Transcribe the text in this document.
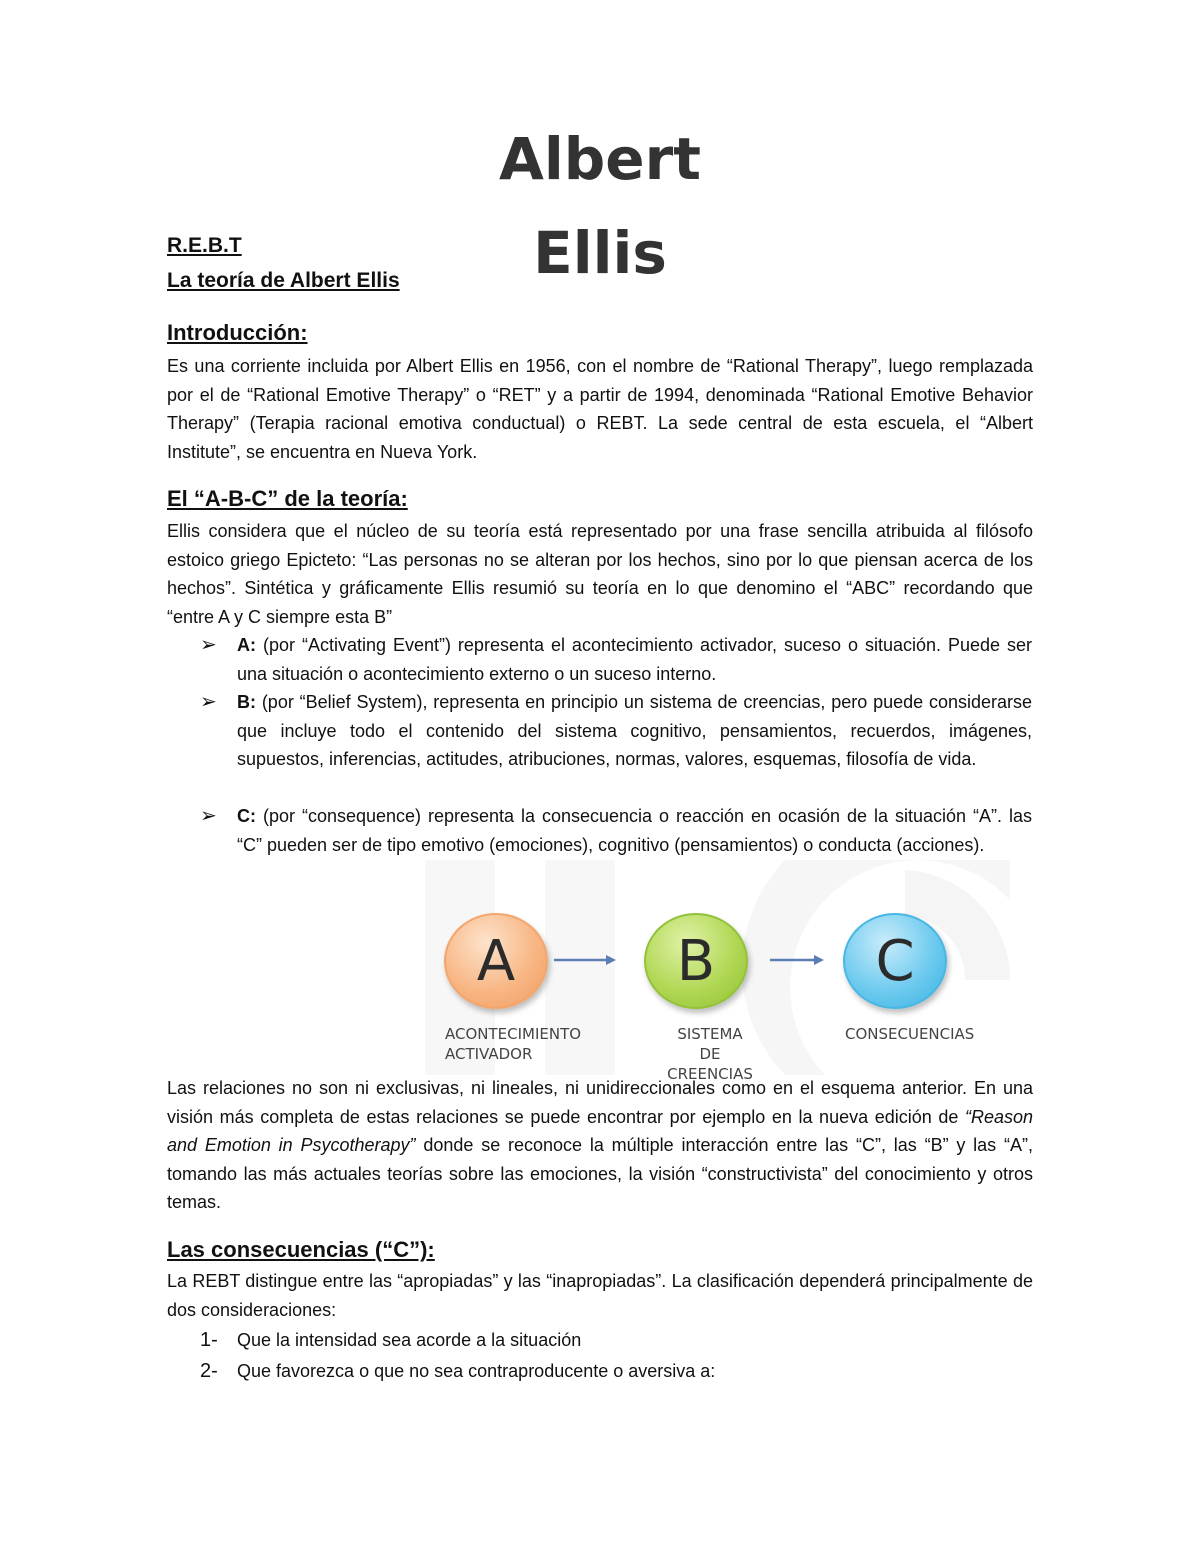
Albert
Ellis
R.E.B.T
La teoría de Albert Ellis
Introducción:
Es una corriente incluida por Albert Ellis en 1956, con el nombre de “Rational Therapy”, luego remplazada por el de “Rational Emotive Therapy” o “RET” y a partir de 1994, denominada “Rational Emotive Behavior Therapy” (Terapia racional emotiva conductual) o REBT. La sede central de esta escuela, el “Albert Institute”, se encuentra en Nueva York.
El “A-B-C” de la teoría:
Ellis considera que el núcleo de su teoría está representado por una frase sencilla atribuida al filósofo estoico griego Epicteto: “Las personas no se alteran por los hechos, sino por lo que piensan acerca de los hechos”. Sintética y gráficamente Ellis resumió su teoría en lo que denomino el “ABC” recordando que “entre A y C siempre esta B”
➢ A: (por “Activating Event”) representa el acontecimiento activador, suceso o situación. Puede ser una situación o acontecimiento externo o un suceso interno.
➢ B: (por “Belief System), representa en principio un sistema de creencias, pero puede considerarse que incluye todo el contenido del sistema cognitivo, pensamientos, recuerdos, imágenes, supuestos, inferencias, actitudes, atribuciones, normas, valores, esquemas, filosofía de vida.
➢ C: (por “consequence) representa la consecuencia o reacción en ocasión de la situación “A”. las “C” pueden ser de tipo emotivo (emociones), cognitivo (pensamientos) o conducta (acciones).
A	B	C
ACONTECIMIENTO
ACTIVADOR
SISTEMA
DE CREENCIAS
CONSECUENCIAS
Las relaciones no son ni exclusivas, ni lineales, ni unidireccionales como en el esquema anterior. En una visión más completa de estas relaciones se puede encontrar por ejemplo en la nueva edición de “Reason and Emotion in Psycotherapy” donde se reconoce la múltiple interacción entre las “C”, las “B” y las “A”, tomando las más actuales teorías sobre las emociones, la visión “constructivista” del conocimiento y otros temas.
Las consecuencias (“C”):
La REBT distingue entre las “apropiadas” y las “inapropiadas”. La clasificación dependerá principalmente de dos consideraciones:
1- Que la intensidad sea acorde a la situación
2- Que favorezca o que no sea contraproducente o aversiva a:
